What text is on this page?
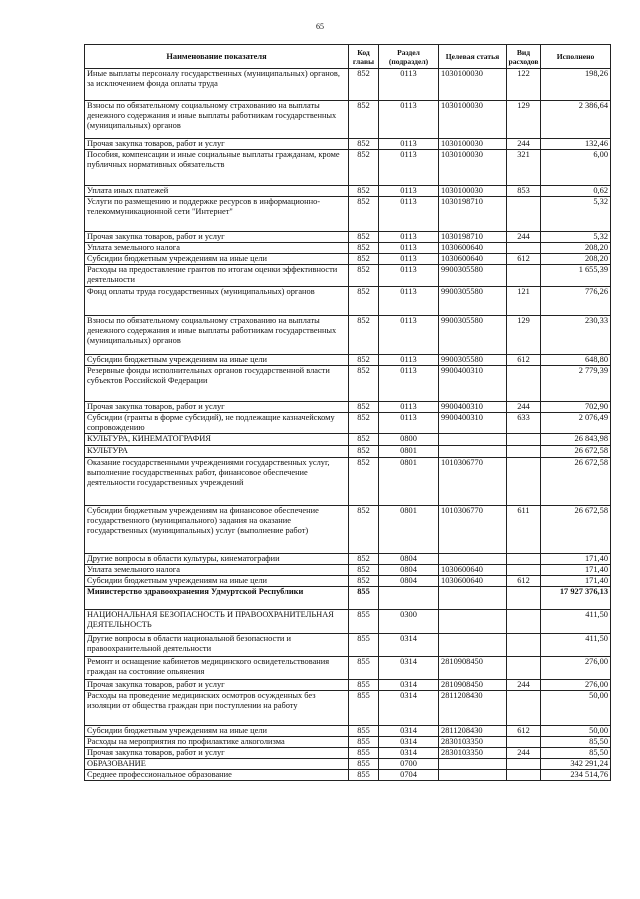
65
Наименование показателя	Код главы	Раздел (подраздел)	Целевая статья	Вид расходов	Исполнено
Иные выплаты персоналу государственных (муниципальных) органов, за исключением фонда оплаты труда	852	0113	1030100030	122	198,26
Взносы по обязательному социальному страхованию на выплаты денежного содержания и иные выплаты работникам государственных (муниципальных) органов	852	0113	1030100030	129	2 386,64
Прочая закупка товаров, работ и услуг	852	0113	1030100030	244	132,46
Пособия, компенсации и иные социальные выплаты гражданам, кроме публичных нормативных обязательств	852	0113	1030100030	321	6,00
Уплата иных платежей	852	0113	1030100030	853	0,62
Услуги по размещению и поддержке ресурсов в информационно-телекоммуникационной сети "Интернет"	852	0113	1030198710		5,32
Прочая закупка товаров, работ и услуг	852	0113	1030198710	244	5,32
Уплата земельного налога	852	0113	1030600640		208,20
Субсидии бюджетным учреждениям на иные цели	852	0113	1030600640	612	208,20
Расходы на предоставление грантов по итогам оценки эффективности деятельности	852	0113	9900305580		1 655,39
Фонд оплаты труда государственных (муниципальных) органов	852	0113	9900305580	121	776,26
Взносы по обязательному социальному страхованию на выплаты денежного содержания и иные выплаты работникам государственных (муниципальных) органов	852	0113	9900305580	129	230,33
Субсидии бюджетным учреждениям на иные цели	852	0113	9900305580	612	648,80
Резервные фонды исполнительных органов государственной власти субъектов Российской Федерации	852	0113	9900400310		2 779,39
Прочая закупка товаров, работ и услуг	852	0113	9900400310	244	702,90
Субсидии (гранты в форме субсидий), не подлежащие казначейскому сопровождению	852	0113	9900400310	633	2 076,49
КУЛЬТУРА, КИНЕМАТОГРАФИЯ	852	0800			26 843,98
КУЛЬТУРА	852	0801			26 672,58
Оказание государственными учреждениями государственных услуг, выполнение государственных работ, финансовое обеспечение деятельности государственных учреждений	852	0801	1010306770		26 672,58
Субсидии бюджетным учреждениям на финансовое обеспечение государственного (муниципального) задания на оказание государственных (муниципальных) услуг (выполнение работ)	852	0801	1010306770	611	26 672,58
Другие вопросы в области культуры, кинематографии	852	0804			171,40
Уплата земельного налога	852	0804	1030600640		171,40
Субсидии бюджетным учреждениям на иные цели	852	0804	1030600640	612	171,40
Министерство здравоохранения Удмуртской Республики	855				17 927 376,13
НАЦИОНАЛЬНАЯ БЕЗОПАСНОСТЬ И ПРАВООХРАНИТЕЛЬНАЯ ДЕЯТЕЛЬНОСТЬ	855	0300			411,50
Другие вопросы в области национальной безопасности и правоохранительной деятельности	855	0314			411,50
Ремонт и оснащение кабинетов медицинского освидетельствования граждан на состояние опьянения	855	0314	2810908450		276,00
Прочая закупка товаров, работ и услуг	855	0314	2810908450	244	276,00
Расходы на проведение медицинских осмотров осужденных без изоляции от общества граждан при поступлении на работу	855	0314	2811208430		50,00
Субсидии бюджетным учреждениям на иные цели	855	0314	2811208430	612	50,00
Расходы на мероприятия по профилактике алкоголизма	855	0314	2830103350		85,50
Прочая закупка товаров, работ и услуг	855	0314	2830103350	244	85,50
ОБРАЗОВАНИЕ	855	0700			342 291,24
Среднее профессиональное образование	855	0704			234 514,76
